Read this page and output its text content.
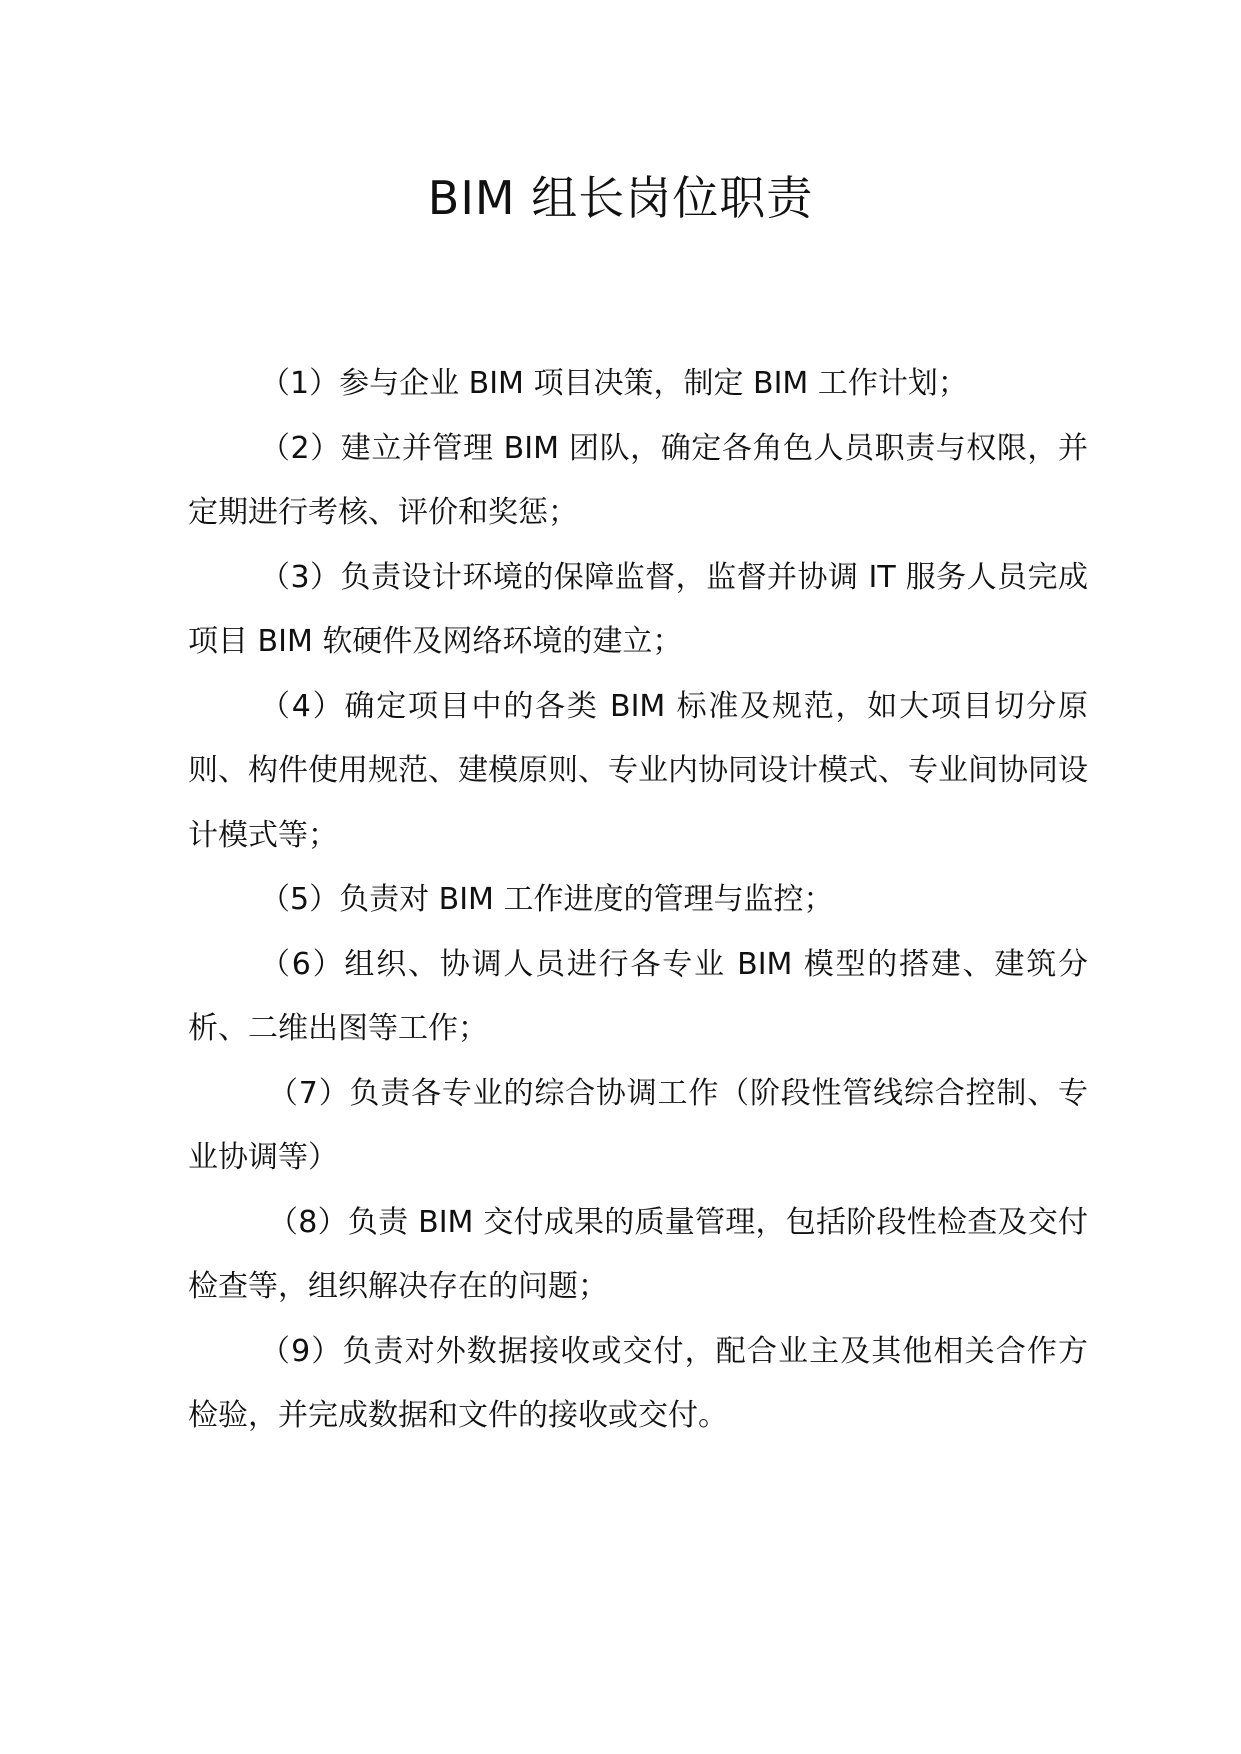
BIM 组长岗位职责

（1）参与企业 BIM 项目决策，制定 BIM 工作计划；

（2）建立并管理 BIM 团队，确定各角色人员职责与权限，并定期进行考核、评价和奖惩；

（3）负责设计环境的保障监督，监督并协调 IT 服务人员完成项目 BIM 软硬件及网络环境的建立；

（4）确定项目中的各类 BIM 标准及规范，如大项目切分原则、构件使用规范、建模原则、专业内协同设计模式、专业间协同设计模式等；

（5）负责对 BIM 工作进度的管理与监控；

（6）组织、协调人员进行各专业 BIM 模型的搭建、建筑分析、二维出图等工作；

（7）负责各专业的综合协调工作（阶段性管线综合控制、专业协调等）

（8）负责 BIM 交付成果的质量管理，包括阶段性检查及交付检查等，组织解决存在的问题；

（9）负责对外数据接收或交付，配合业主及其他相关合作方检验，并完成数据和文件的接收或交付。
